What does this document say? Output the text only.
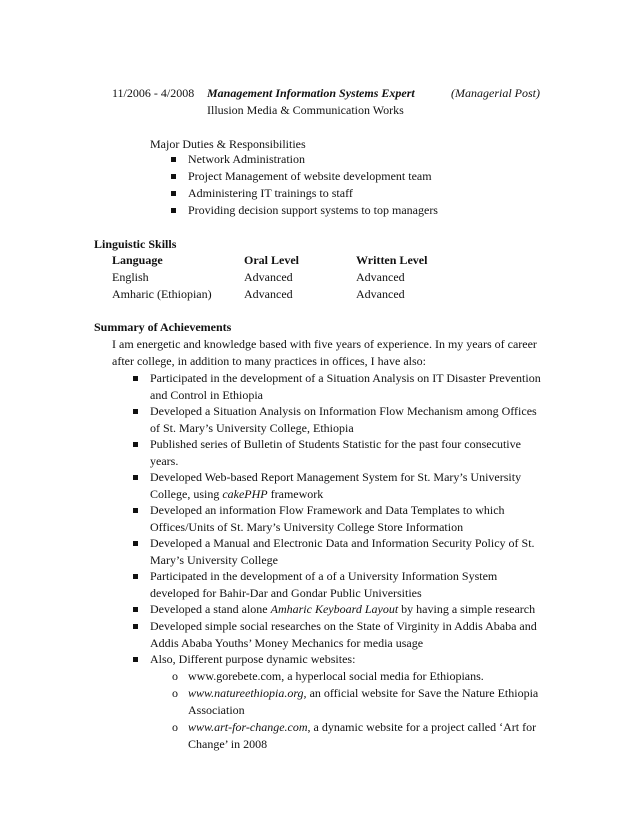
11/2006 - 4/2008 Management Information Systems Expert	(Managerial Post)
Illusion Media & Communication Works
Major Duties & Responsibilities
Network Administration
Project Management of website development team
Administering IT trainings to staff
Providing decision support systems to top managers
Linguistic Skills
Language	Oral Level	Written Level
English	Advanced	Advanced
Amharic (Ethiopian)	Advanced	Advanced
Summary of Achievements
I am energetic and knowledge based with five years of experience. In my years of career
after college, in addition to many practices in offices, I have also:
Participated in the development of a Situation Analysis on IT Disaster Prevention
and Control in Ethiopia
Developed a Situation Analysis on Information Flow Mechanism among Offices
of St. Mary’s University College, Ethiopia
Published series of Bulletin of Students Statistic for the past four consecutive
years.
Developed Web-based Report Management System for St. Mary’s University
College, using cakePHP framework
Developed an information Flow Framework and Data Templates to which
Offices/Units of St. Mary’s University College Store Information
Developed a Manual and Electronic Data and Information Security Policy of St.
Mary’s University College
Participated in the development of a of a University Information System
developed for Bahir-Dar and Gondar Public Universities
Developed a stand alone Amharic Keyboard Layout by having a simple research
Developed simple social researches on the State of Virginity in Addis Ababa and
Addis Ababa Youths’ Money Mechanics for media usage
Also, Different purpose dynamic websites:
o www.gorebete.com, a hyperlocal social media for Ethiopians.
o www.natureethiopia.org, an official website for Save the Nature Ethiopia
Association
o www.art-for-change.com, a dynamic website for a project called ‘Art for
Change’ in 2008
